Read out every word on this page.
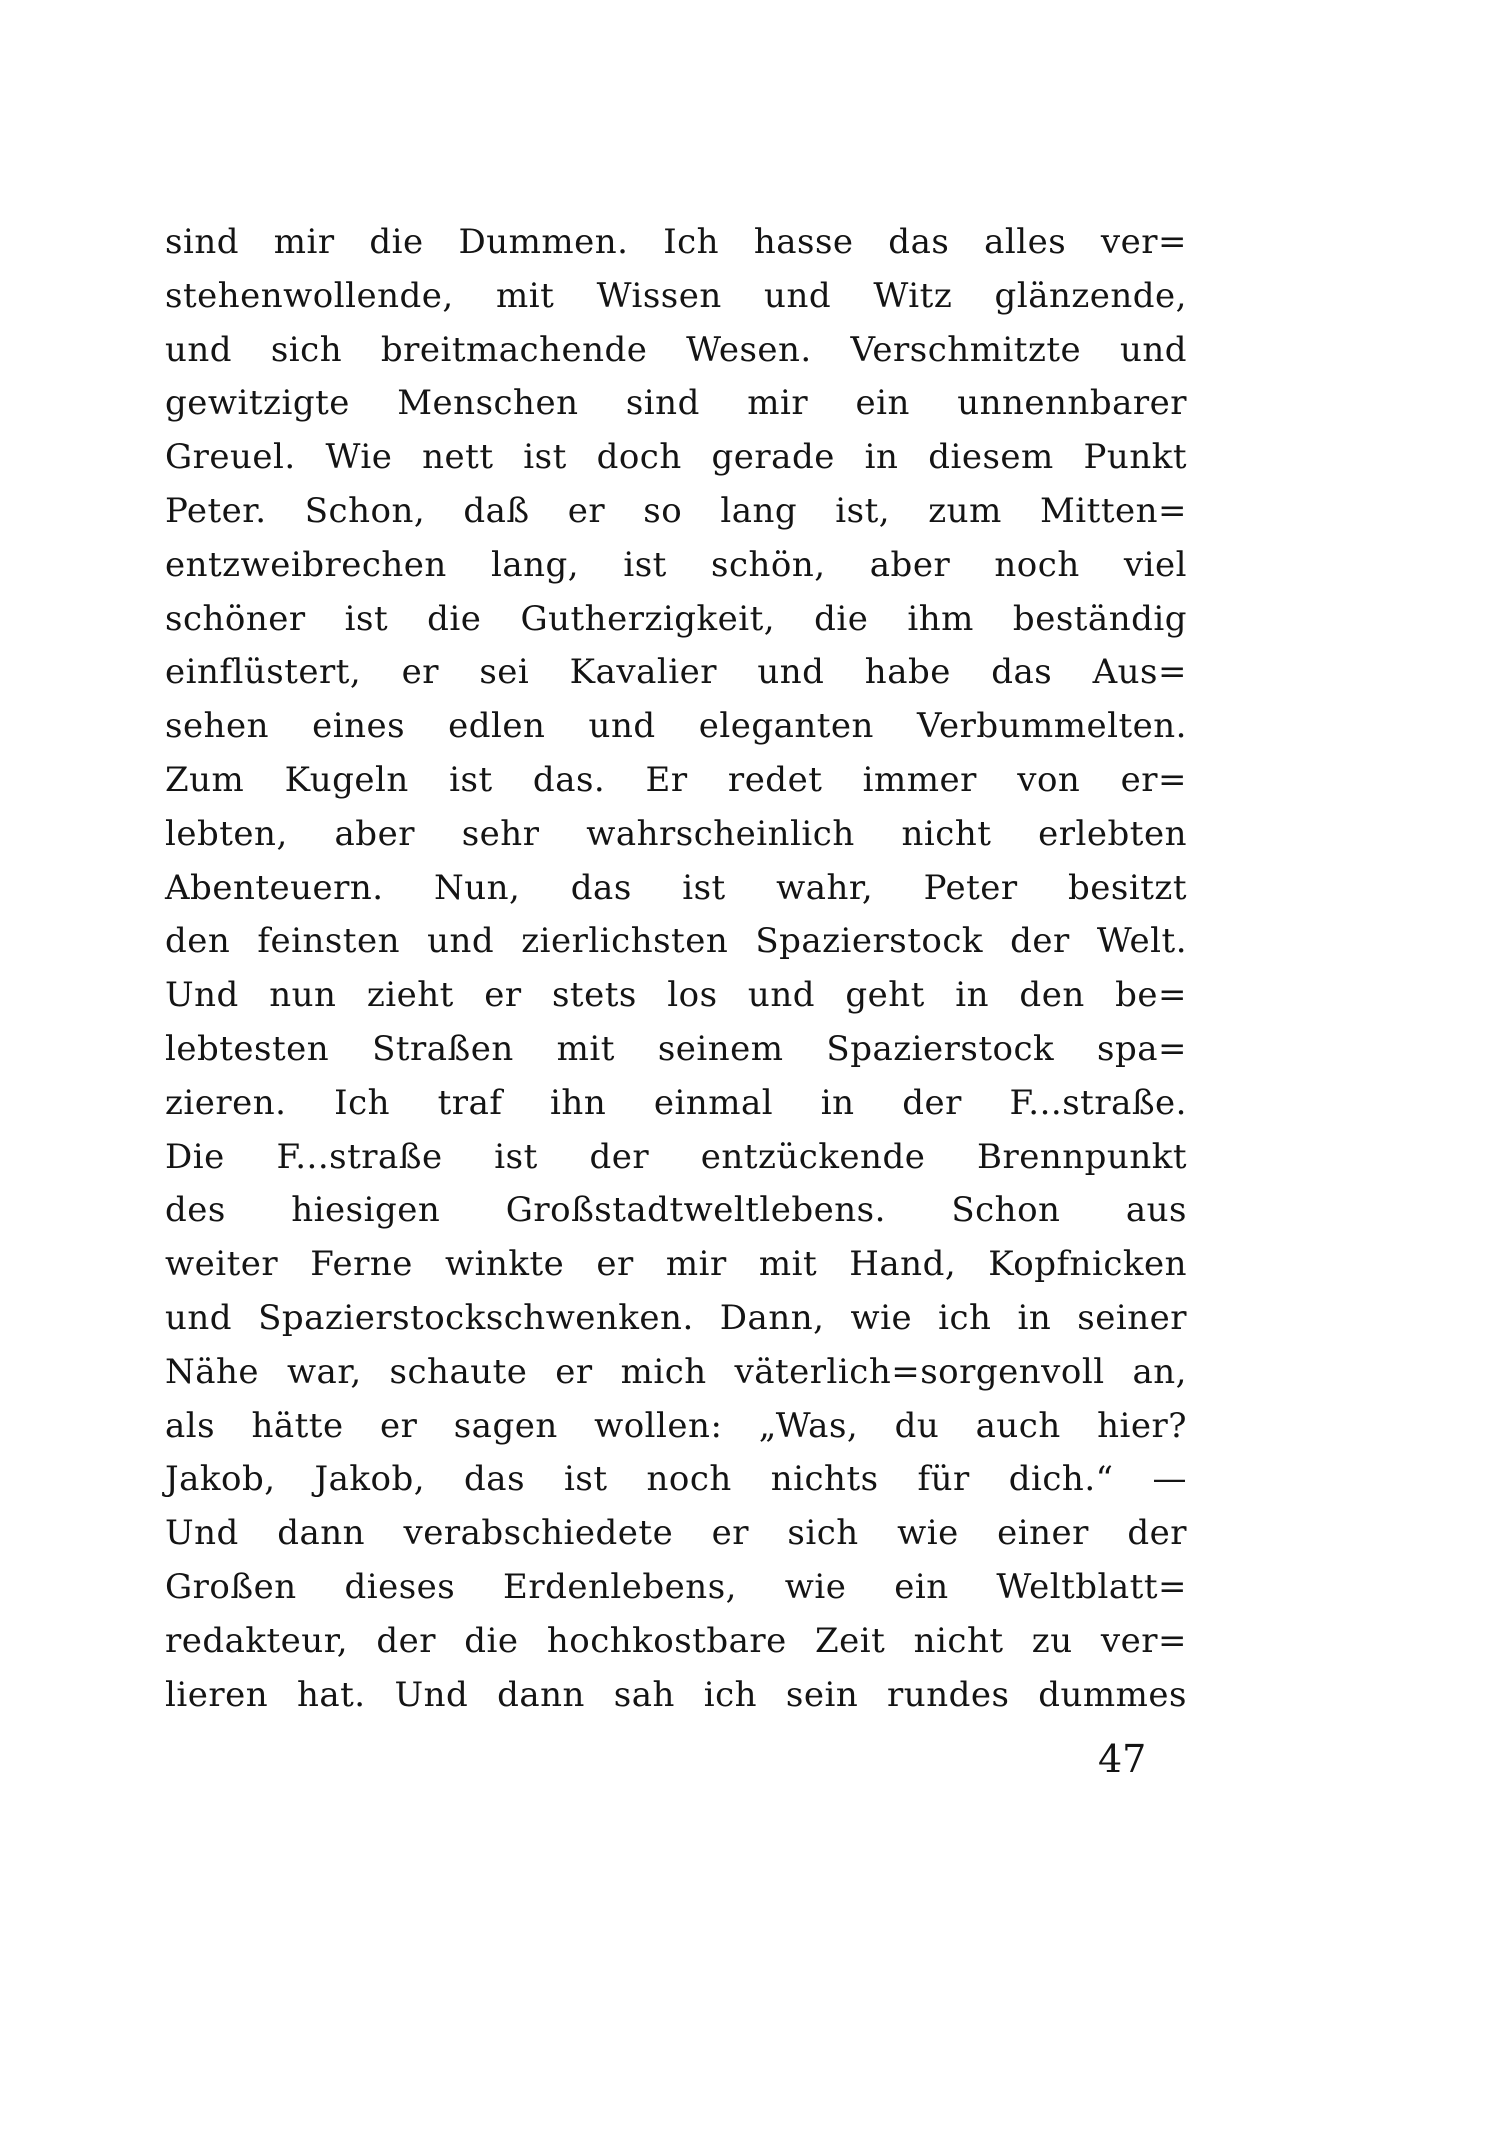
sind mir die Dummen. Ich hasse das alles ver=
stehenwollende, mit Wissen und Witz glänzende,
und sich breitmachende Wesen. Verschmitzte und
gewitzigte Menschen sind mir ein unnennbarer
Greuel. Wie nett ist doch gerade in diesem Punkt
Peter. Schon, daß er so lang ist, zum Mitten=
entzweibrechen lang, ist schön, aber noch viel
schöner ist die Gutherzigkeit, die ihm beständig
einflüstert, er sei Kavalier und habe das Aus=
sehen eines edlen und eleganten Verbummelten.
Zum Kugeln ist das. Er redet immer von er=
lebten, aber sehr wahrscheinlich nicht erlebten
Abenteuern. Nun, das ist wahr, Peter besitzt
den feinsten und zierlichsten Spazierstock der Welt.
Und nun zieht er stets los und geht in den be=
lebtesten Straßen mit seinem Spazierstock spa=
zieren. Ich traf ihn einmal in der F...straße.
Die F...straße ist der entzückende Brennpunkt
des hiesigen Großstadtweltlebens. Schon aus
weiter Ferne winkte er mir mit Hand, Kopfnicken
und Spazierstockschwenken. Dann, wie ich in seiner
Nähe war, schaute er mich väterlich=sorgenvoll an,
als hätte er sagen wollen: „Was, du auch hier?
Jakob, Jakob, das ist noch nichts für dich.“ —
Und dann verabschiedete er sich wie einer der
Großen dieses Erdenlebens, wie ein Weltblatt=
redakteur, der die hochkostbare Zeit nicht zu ver=
lieren hat. Und dann sah ich sein rundes dummes
47
